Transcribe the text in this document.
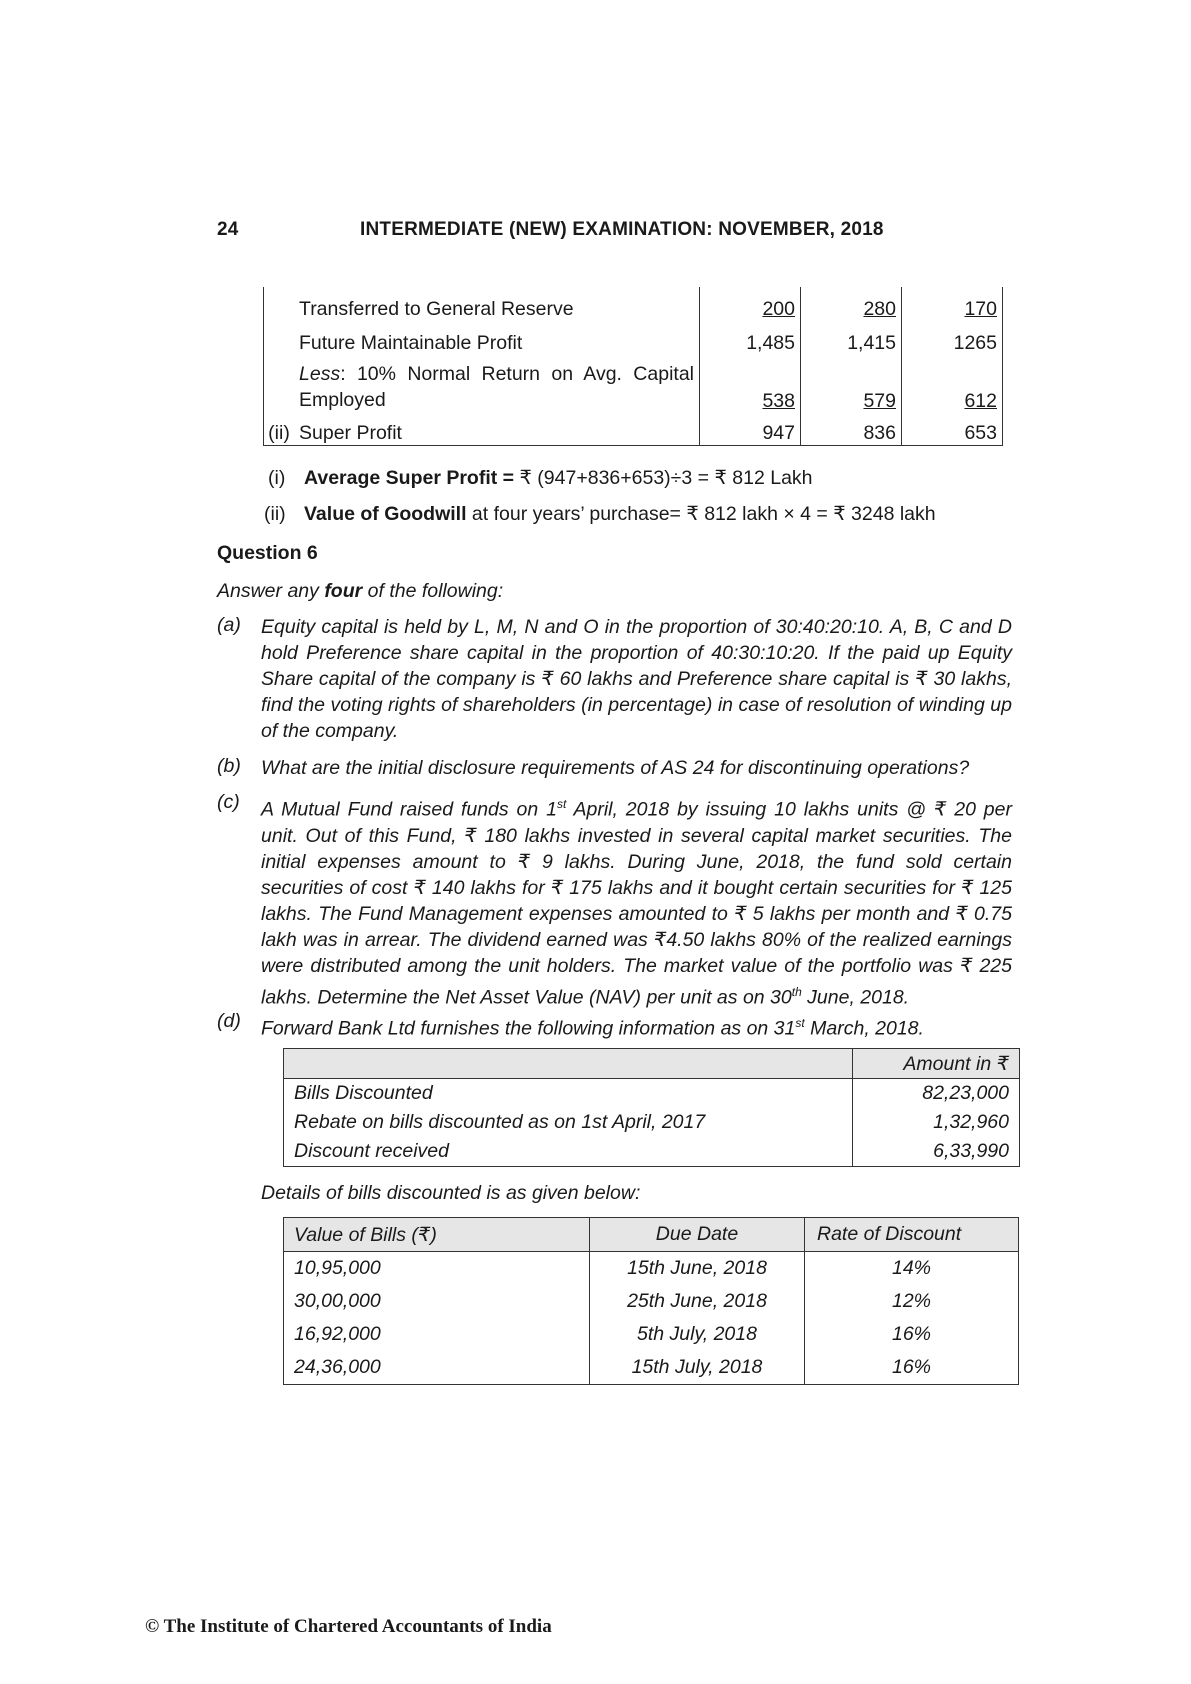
24	INTERMEDIATE (NEW) EXAMINATION: NOVEMBER, 2018
	Transferred to General Reserve	200	280	170
	Future Maintainable Profit	1,485	1,415	1265
	Less: 10% Normal Return on Avg. Capital Employed	538	579	612
(ii)	Super Profit	947	836	653
(i) Average Super Profit = ₹ (947+836+653)÷3 = ₹ 812 Lakh
(ii) Value of Goodwill at four years’ purchase= ₹ 812 lakh × 4 = ₹ 3248 lakh
Question 6
Answer any four of the following:
(a) Equity capital is held by L, M, N and O in the proportion of 30:40:20:10. A, B, C and D hold Preference share capital in the proportion of 40:30:10:20. If the paid up Equity Share capital of the company is ₹ 60 lakhs and Preference share capital is ₹ 30 lakhs, find the voting rights of shareholders (in percentage) in case of resolution of winding up of the company.
(b) What are the initial disclosure requirements of AS 24 for discontinuing operations?
(c) A Mutual Fund raised funds on 1st April, 2018 by issuing 10 lakhs units @ ₹ 20 per unit. Out of this Fund, ₹ 180 lakhs invested in several capital market securities. The initial expenses amount to ₹ 9 lakhs. During June, 2018, the fund sold certain securities of cost ₹ 140 lakhs for ₹ 175 lakhs and it bought certain securities for ₹ 125 lakhs. The Fund Management expenses amounted to ₹ 5 lakhs per month and ₹ 0.75 lakh was in arrear. The dividend earned was ₹4.50 lakhs 80% of the realized earnings were distributed among the unit holders. The market value of the portfolio was ₹ 225 lakhs. Determine the Net Asset Value (NAV) per unit as on 30th June, 2018.
(d) Forward Bank Ltd furnishes the following information as on 31st March, 2018.
	Amount in ₹
Bills Discounted	82,23,000
Rebate on bills discounted as on 1st April, 2017	1,32,960
Discount received	6,33,990
Details of bills discounted is as given below:
Value of Bills (₹)	Due Date	Rate of Discount
10,95,000	15th June, 2018	14%
30,00,000	25th June, 2018	12%
16,92,000	5th July, 2018	16%
24,36,000	15th July, 2018	16%
© The Institute of Chartered Accountants of India
